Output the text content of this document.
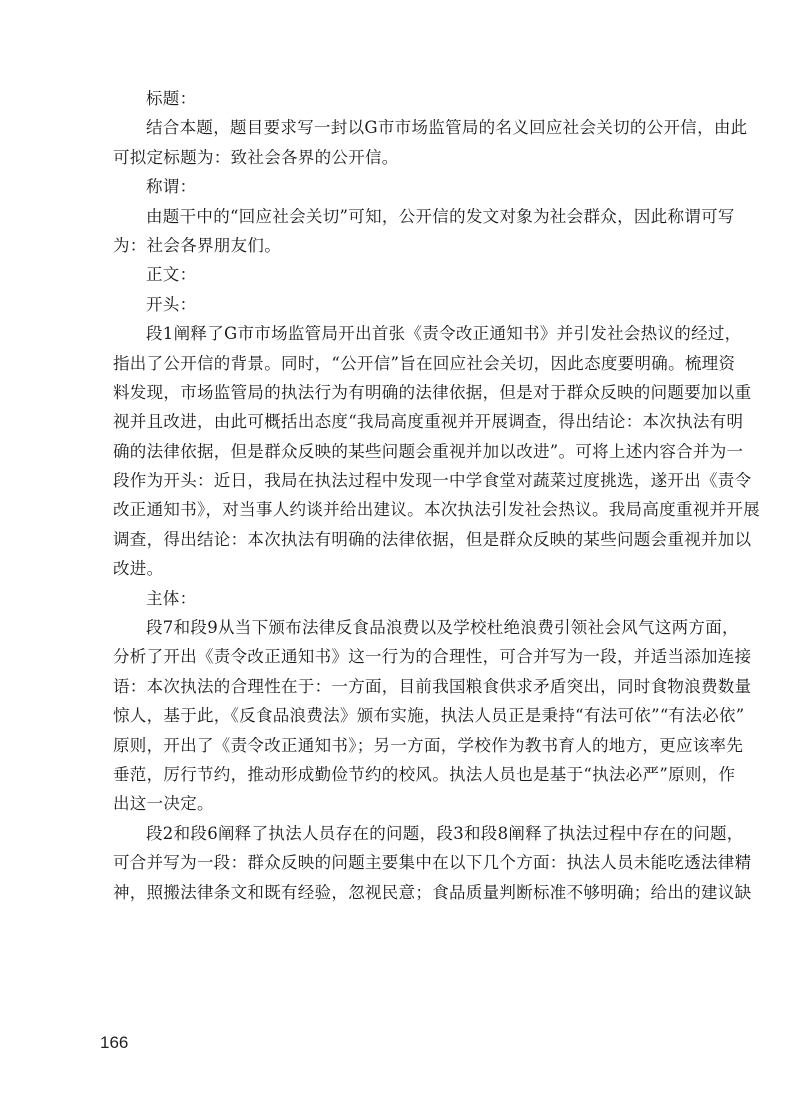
标题：
结合本题，题目要求写一封以G市市场监管局的名义回应社会关切的公开信，由此
可拟定标题为：致社会各界的公开信。
称谓：
由题干中的“回应社会关切”可知，公开信的发文对象为社会群众，因此称谓可写
为：社会各界朋友们。
正文：
开头：
段1阐释了G市市场监管局开出首张《责令改正通知书》并引发社会热议的经过，
指出了公开信的背景。同时，“公开信”旨在回应社会关切，因此态度要明确。梳理资
料发现，市场监管局的执法行为有明确的法律依据，但是对于群众反映的问题要加以重
视并且改进，由此可概括出态度“我局高度重视并开展调查，得出结论：本次执法有明
确的法律依据，但是群众反映的某些问题会重视并加以改进”。可将上述内容合并为一
段作为开头：近日，我局在执法过程中发现一中学食堂对蔬菜过度挑选，遂开出《责令
改正通知书》，对当事人约谈并给出建议。本次执法引发社会热议。我局高度重视并开展
调查，得出结论：本次执法有明确的法律依据，但是群众反映的某些问题会重视并加以
改进。
主体：
段7和段9从当下颁布法律反食品浪费以及学校杜绝浪费引领社会风气这两方面，
分析了开出《责令改正通知书》这一行为的合理性，可合并写为一段，并适当添加连接
语：本次执法的合理性在于：一方面，目前我国粮食供求矛盾突出，同时食物浪费数量
惊人，基于此，《反食品浪费法》颁布实施，执法人员正是秉持“有法可依”“有法必依”
原则，开出了《责令改正通知书》；另一方面，学校作为教书育人的地方，更应该率先
垂范，厉行节约，推动形成勤俭节约的校风。执法人员也是基于“执法必严”原则，作
出这一决定。
段2和段6阐释了执法人员存在的问题，段3和段8阐释了执法过程中存在的问题，
可合并写为一段：群众反映的问题主要集中在以下几个方面：执法人员未能吃透法律精
神，照搬法律条文和既有经验，忽视民意；食品质量判断标准不够明确；给出的建议缺
166
